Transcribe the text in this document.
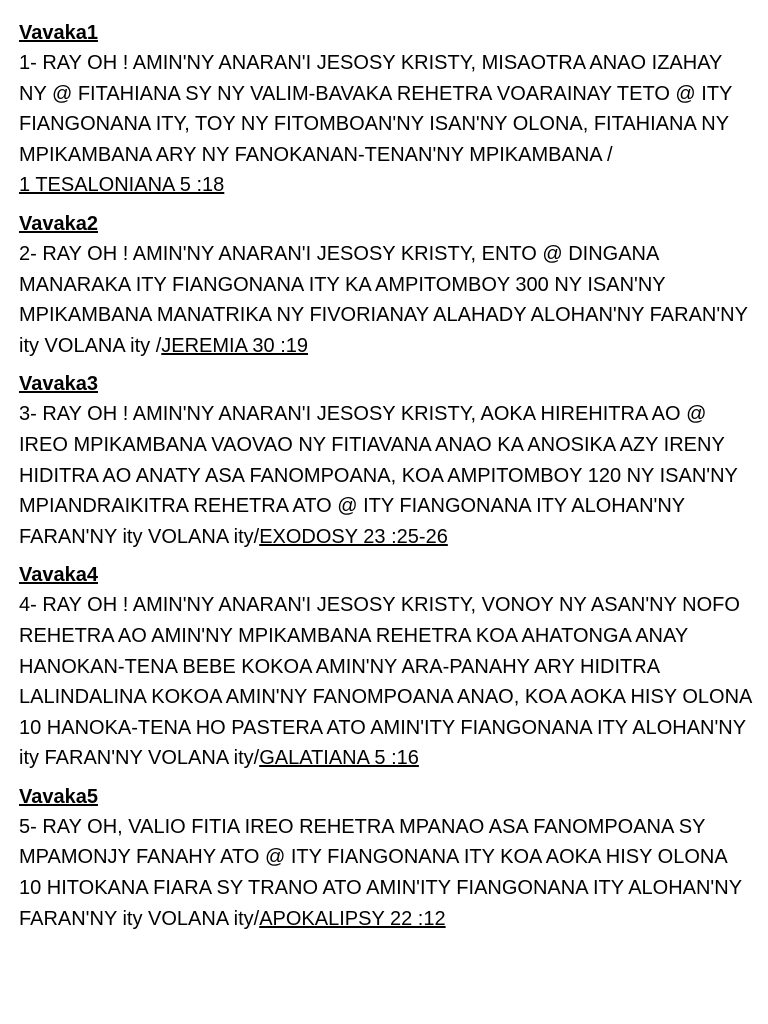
Vavaka1

1- RAY OH ! AMIN'NY ANARAN'I JESOSY KRISTY, MISAOTRA ANAO IZAHAY NY @ FITAHIANA SY NY VALIM-BAVAKA REHETRA VOARAINAY TETO @ ITY FIANGONANA ITY, TOY NY FITOMBOAN'NY ISAN'NY OLONA, FITAHIANA NY MPIKAMBANA ARY NY FANOKANAN-TENAN'NY MPIKAMBANA /
1 TESALONIANA 5 :18

Vavaka2

2- RAY OH ! AMIN'NY ANARAN'I JESOSY KRISTY, ENTO @ DINGANA MANARAKA ITY FIANGONANA ITY KA AMPITOMBOY 300 NY ISAN'NY MPIKAMBANA MANATRIKA NY FIVORIANAY ALAHADY ALOHAN'NY FARAN'NY ity VOLANA ity /JEREMIA 30 :19

Vavaka3

3- RAY OH ! AMIN'NY ANARAN'I JESOSY KRISTY, AOKA HIREHITRA AO @ IREO MPIKAMBANA VAOVAO NY FITIAVANA ANAO KA ANOSIKA AZY IRENY HIDITRA AO ANATY ASA FANOMPOANA, KOA AMPITOMBOY 120 NY ISAN'NY MPIANDRAIKITRA REHETRA ATO @ ITY FIANGONANA ITY ALOHAN'NY FARAN'NY ity VOLANA ity/EXODOSY 23 :25-26

Vavaka4

4- RAY OH ! AMIN'NY ANARAN'I JESOSY KRISTY, VONOY NY ASAN'NY NOFO REHETRA AO AMIN'NY MPIKAMBANA REHETRA KOA AHATONGA ANAY HANOKAN-TENA BEBE KOKOA AMIN'NY ARA-PANAHY ARY HIDITRA LALINDALINA KOKOA AMIN'NY FANOMPOANA ANAO, KOA AOKA HISY OLONA 10 HANOKA-TENA HO PASTERA ATO AMIN'ITY FIANGONANA ITY ALOHAN'NY ity FARAN'NY VOLANA ity/GALATIANA 5 :16

Vavaka5

5- RAY OH, VALIO FITIA IREO REHETRA MPANAO ASA FANOMPOANA SY MPAMONJY FANAHY ATO @ ITY FIANGONANA ITY KOA AOKA HISY OLONA 10 HITOKANA FIARA SY TRANO ATO AMIN'ITY FIANGONANA ITY ALOHAN'NY FARAN'NY ity VOLANA ity/APOKALIPSY 22 :12
